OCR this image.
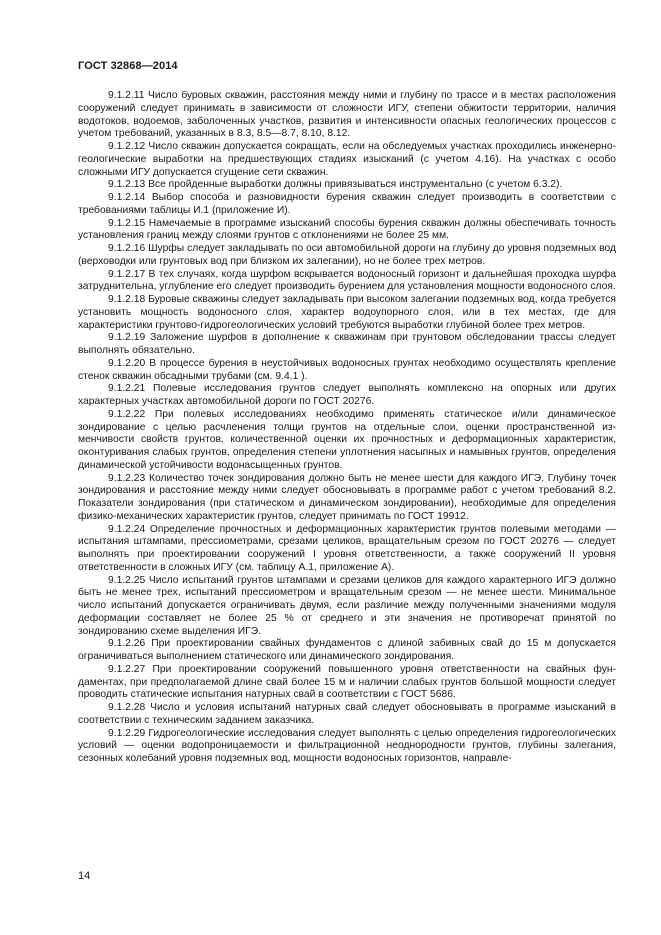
ГОСТ 32868—2014

9.1.2.11 Число буровых скважин, расстояния между ними и глубину по трассе и в местах расположения сооружений следует принимать в зависимости от сложности ИГУ, степени обжитости территории, наличия водотоков, водоемов, заболоченных участков, развития и интенсивности опасных геологических процессов с учетом требований, указанных в 8.3, 8.5—8.7, 8.10, 8.12.

9.1.2.12 Число скважин допускается сокращать, если на обследуемых участках проходились инженерно-геологические выработки на предшествующих стадиях изысканий (с учетом 4.16). На участках с особо сложными ИГУ допускается сгущение сети скважин.

9.1.2.13 Все пройденные выработки должны привязываться инструментально (с учетом 6.3.2).

9.1.2.14 Выбор способа и разновидности бурения скважин следует производить в соответствии с требованиями таблицы И.1 (приложение И).

9.1.2.15 Намечаемые в программе изысканий способы бурения скважин должны обеспечивать точность установления границ между слоями грунтов с отклонениями не более 25 мм.

9.1.2.16 Шурфы следует закладывать по оси автомобильной дороги на глубину до уровня подземных вод (верховодки или грунтовых вод при близком их залегании), но не более трех метров.

9.1.2.17 В тех случаях, когда шурфом вскрывается водоносный горизонт и дальнейшая проходка шурфа затруднительна, углубление его следует производить бурением для установления мощности водоносного слоя.

9.1.2.18 Буровые скважины следует закладывать при высоком залегании подземных вод, когда требуется установить мощность водоносного слоя, характер водоупорного слоя, или в тех местах, где для характеристики грунтово-гидрогеологических условий требуются выработки глубиной более трех метров.

9.1.2.19 Заложение шурфов в дополнение к скважинам при грунтовом обследовании трассы следует выполнять обязательно.

9.1.2.20 В процессе бурения в неустойчивых водоносных грунтах необходимо осуществлять крепление стенок скважин обсадными трубами (см. 9.4.1 ).

9.1.2.21 Полевые исследования грунтов следует выполнять комплексно на опорных или других характерных участках автомобильной дороги по ГОСТ 20276.

9.1.2.22 При полевых исследованиях необходимо применять статическое и/или динамическое зондирование с целью расчленения толщи грунтов на отдельные слои, оценки пространственной изменчивости свойств грунтов, количественной оценки их прочностных и деформационных характеристик, оконтуривания слабых грунтов, определения степени уплотнения насыпных и намывных грунтов, определения динамической устойчивости водонасыщенных грунтов.

9.1.2.23 Количество точек зондирования должно быть не менее шести для каждого ИГЭ. Глубину точек зондирования и расстояние между ними следует обосновывать в программе работ с учетом требований 8.2. Показатели зондирования (при статическом и динамическом зондировании), необходимые для определения физико-механических характеристик грунтов, следует принимать по ГОСТ 19912.

9.1.2.24 Определение прочностных и деформационных характеристик грунтов полевыми методами — испытания штампами, прессиометрами, срезами целиков, вращательным срезом по ГОСТ 20276 — следует выполнять при проектировании сооружений I уровня ответственности, а также сооружений II уровня ответственности в сложных ИГУ (см. таблицу А.1, приложение А).

9.1.2.25 Число испытаний грунтов штампами и срезами целиков для каждого характерного ИГЭ должно быть не менее трех, испытаний прессиометром и вращательным срезом — не менее шести. Минимальное число испытаний допускается ограничивать двумя, если различие между полученными значениями модуля деформации составляет не более 25 % от среднего и эти значения не противоречат принятой по зондированию схеме выделения ИГЭ.

9.1.2.26 При проектировании свайных фундаментов с длиной забивных свай до 15 м допускается ограничиваться выполнением статического или динамического зондирования.

9.1.2.27 При проектировании сооружений повышенного уровня ответственности на свайных фундаментах, при предполагаемой длине свай более 15 м и наличии слабых грунтов большой мощности следует проводить статические испытания натурных свай в соответствии с ГОСТ 5686.

9.1.2.28 Число и условия испытаний натурных свай следует обосновывать в программе изысканий в соответствии с техническим заданием заказчика.

9.1.2.29 Гидрогеологические исследования следует выполнять с целью определения гидрогеологических условий — оценки водопроницаемости и фильтрационной неоднородности грунтов, глубины залегания, сезонных колебаний уровня подземных вод, мощности водоносных горизонтов, направле-

14
